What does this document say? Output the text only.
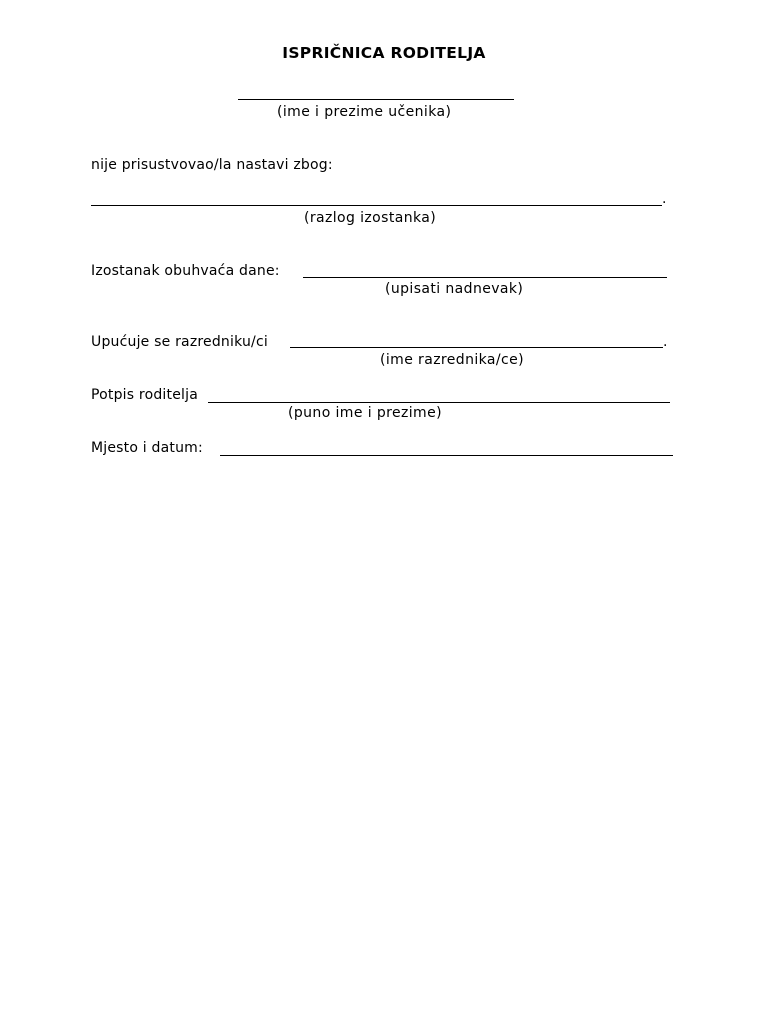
ISPRIČNICA RODITELJA
(ime i prezime učenika)
nije prisustvovao/la nastavi zbog:
.
(razlog izostanka)
Izostanak obuhvaća dane:
(upisati nadnevak)
Upućuje se razredniku/ci	.
(ime razrednika/ce)
Potpis roditelja
(puno ime i prezime)
Mjesto i datum:
